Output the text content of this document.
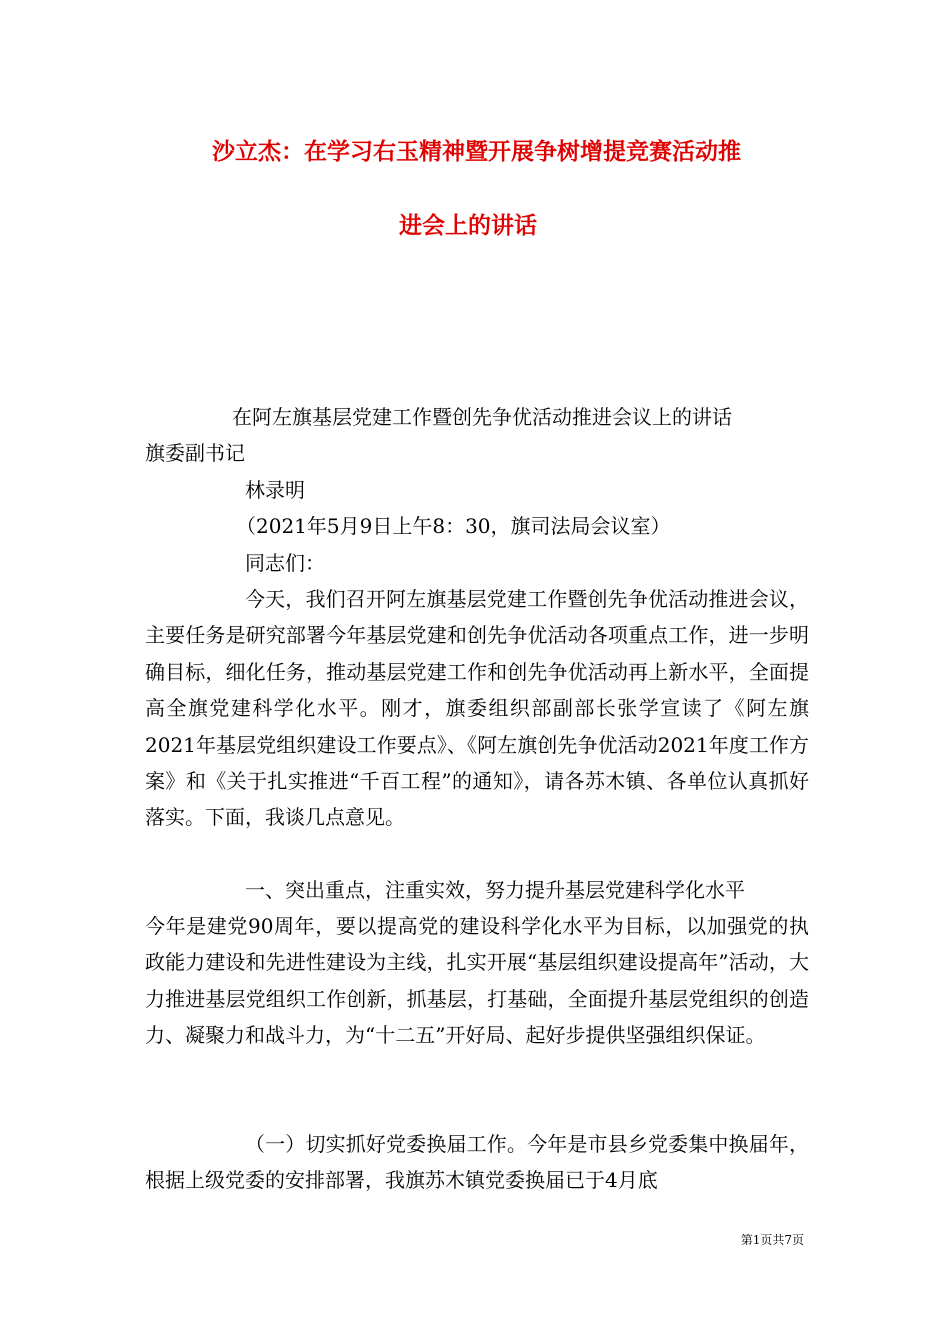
沙立杰：在学习右玉精神暨开展争树增提竞赛活动推
进会上的讲话
在阿左旗基层党建工作暨创先争优活动推进会议上的讲话
旗委副书记
林录明
（2021年5月9日上午8：30，旗司法局会议室）
同志们：

今天，我们召开阿左旗基层党建工作暨创先争优活动推进会议，主要任务是研究部署今年基层党建和创先争优活动各项重点工作，进一步明确目标，细化任务，推动基层党建工作和创先争优活动再上新水平，全面提高全旗党建科学化水平。刚才，旗委组织部副部长张学宣读了《阿左旗2021年基层党组织建设工作要点》、《阿左旗创先争优活动2021年度工作方案》和《关于扎实推进“千百工程”的通知》，请各苏木镇、各单位认真抓好落实。下面，我谈几点意见。

一、突出重点，注重实效，努力提升基层党建科学化水平

今年是建党90周年，要以提高党的建设科学化水平为目标，以加强党的执政能力建设和先进性建设为主线，扎实开展“基层组织建设提高年”活动，大力推进基层党组织工作创新，抓基层，打基础，全面提升基层党组织的创造力、凝聚力和战斗力，为“十二五”开好局、起好步提供坚强组织保证。

（一）切实抓好党委换届工作。今年是市县乡党委集中换届年，根据上级党委的安排部署，我旗苏木镇党委换届已于4月底

第1页共7页
